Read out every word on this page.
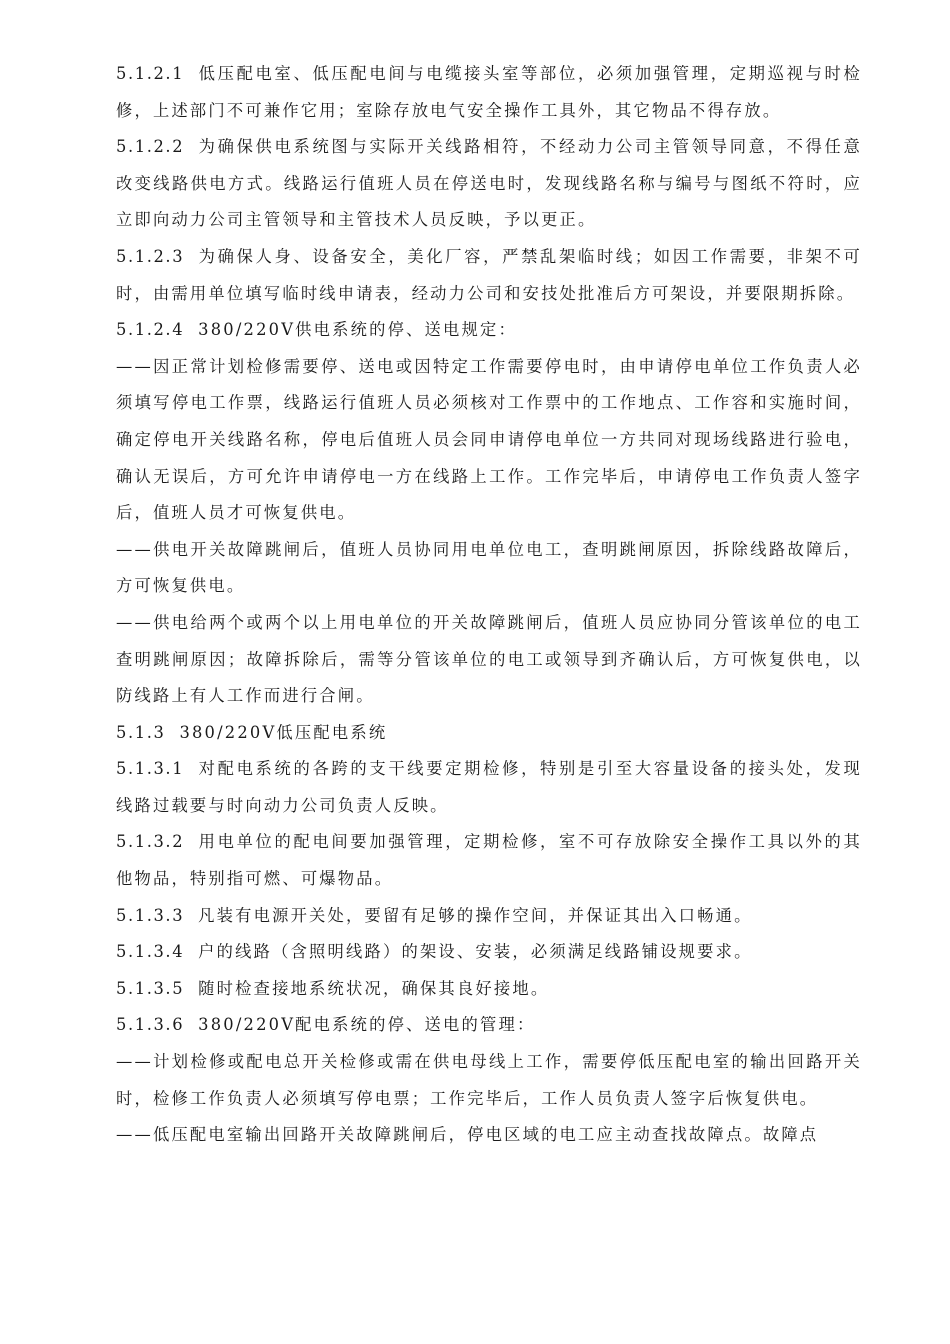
5.1.2.1 低压配电室、低压配电间与电缆接头室等部位，必须加强管理，定期巡视与时检修，上述部门不可兼作它用；室除存放电气安全操作工具外，其它物品不得存放。

5.1.2.2 为确保供电系统图与实际开关线路相符，不经动力公司主管领导同意，不得任意改变线路供电方式。线路运行值班人员在停送电时，发现线路名称与编号与图纸不符时，应立即向动力公司主管领导和主管技术人员反映，予以更正。

5.1.2.3 为确保人身、设备安全，美化厂容，严禁乱架临时线；如因工作需要，非架不可时，由需用单位填写临时线申请表，经动力公司和安技处批准后方可架设，并要限期拆除。

5.1.2.4 380/220V供电系统的停、送电规定：

——因正常计划检修需要停、送电或因特定工作需要停电时，由申请停电单位工作负责人必须填写停电工作票，线路运行值班人员必须核对工作票中的工作地点、工作容和实施时间，确定停电开关线路名称，停电后值班人员会同申请停电单位一方共同对现场线路进行验电，确认无误后，方可允许申请停电一方在线路上工作。工作完毕后，申请停电工作负责人签字后，值班人员才可恢复供电。

——供电开关故障跳闸后，值班人员协同用电单位电工，查明跳闸原因，拆除线路故障后，方可恢复供电。

——供电给两个或两个以上用电单位的开关故障跳闸后，值班人员应协同分管该单位的电工查明跳闸原因；故障拆除后，需等分管该单位的电工或领导到齐确认后，方可恢复供电，以防线路上有人工作而进行合闸。

5.1.3 380/220V低压配电系统

5.1.3.1 对配电系统的各跨的支干线要定期检修，特别是引至大容量设备的接头处，发现线路过载要与时向动力公司负责人反映。

5.1.3.2 用电单位的配电间要加强管理，定期检修，室不可存放除安全操作工具以外的其他物品，特别指可燃、可爆物品。

5.1.3.3 凡装有电源开关处，要留有足够的操作空间，并保证其出入口畅通。

5.1.3.4 户的线路（含照明线路）的架设、安装，必须满足线路铺设规要求。

5.1.3.5 随时检查接地系统状况，确保其良好接地。

5.1.3.6 380/220V配电系统的停、送电的管理：

——计划检修或配电总开关检修或需在供电母线上工作，需要停低压配电室的输出回路开关时，检修工作负责人必须填写停电票；工作完毕后，工作人员负责人签字后恢复供电。

——低压配电室输出回路开关故障跳闸后，停电区域的电工应主动查找故障点。故障点
